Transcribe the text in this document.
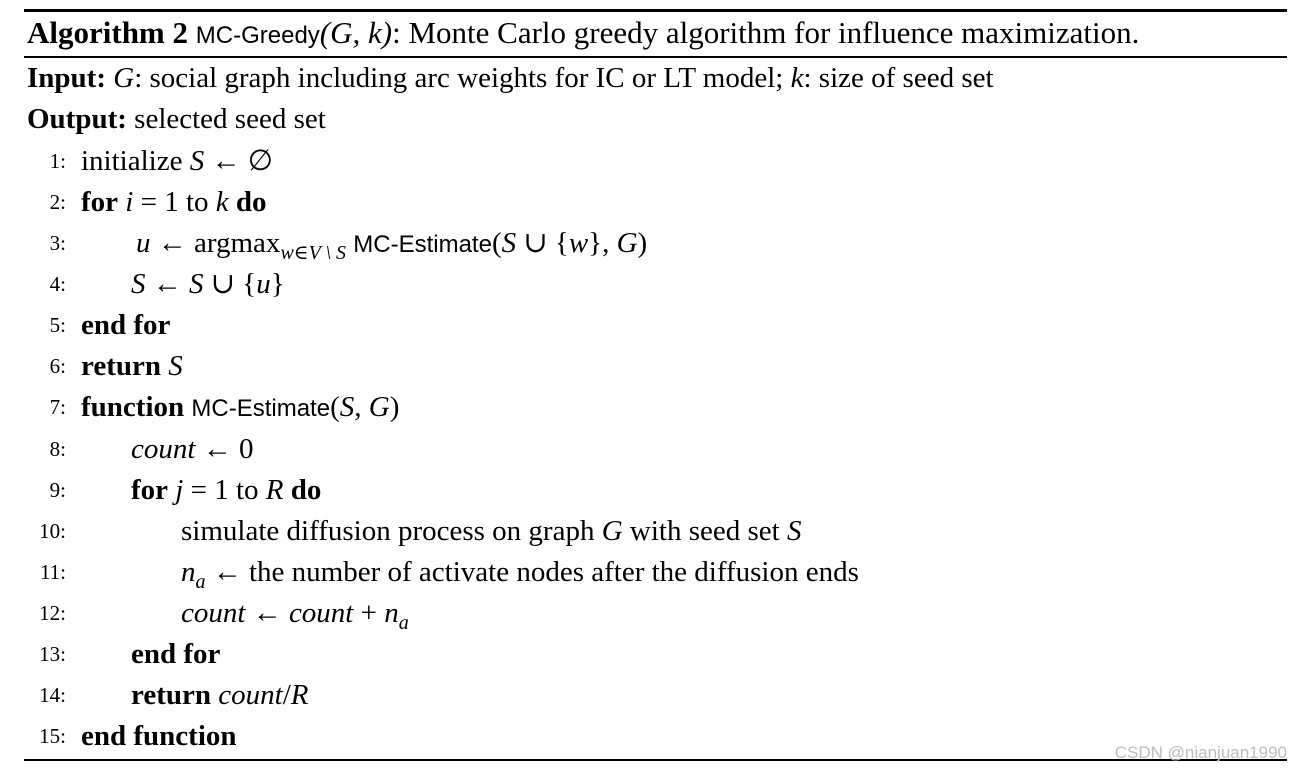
Algorithm 2 MC-Greedy(G, k): Monte Carlo greedy algorithm for influence maximization.
Input: G: social graph including arc weights for IC or LT model; k: size of seed set
Output: selected seed set
1:
2:
3:
4:
5:
6:
7:
8:
9:
10:
11:
12:
13:
14:
15:
initialize S ← ∅
for i = 1 to k do
u ← argmax$_{w\in V \backslash S}$ MC-Estimate(S ∪ {w}, G)
S ← S ∪ {u}
end for
return S
function MC-Estimate(S, G)
count ← 0
for j = 1 to R do
simulate diffusion process on graph G with seed set S
$n_a$ ← the number of activate nodes after the diffusion ends
count ← count + $n_a$
end for
return count/R
end function
CSDN @nianjuan1990
